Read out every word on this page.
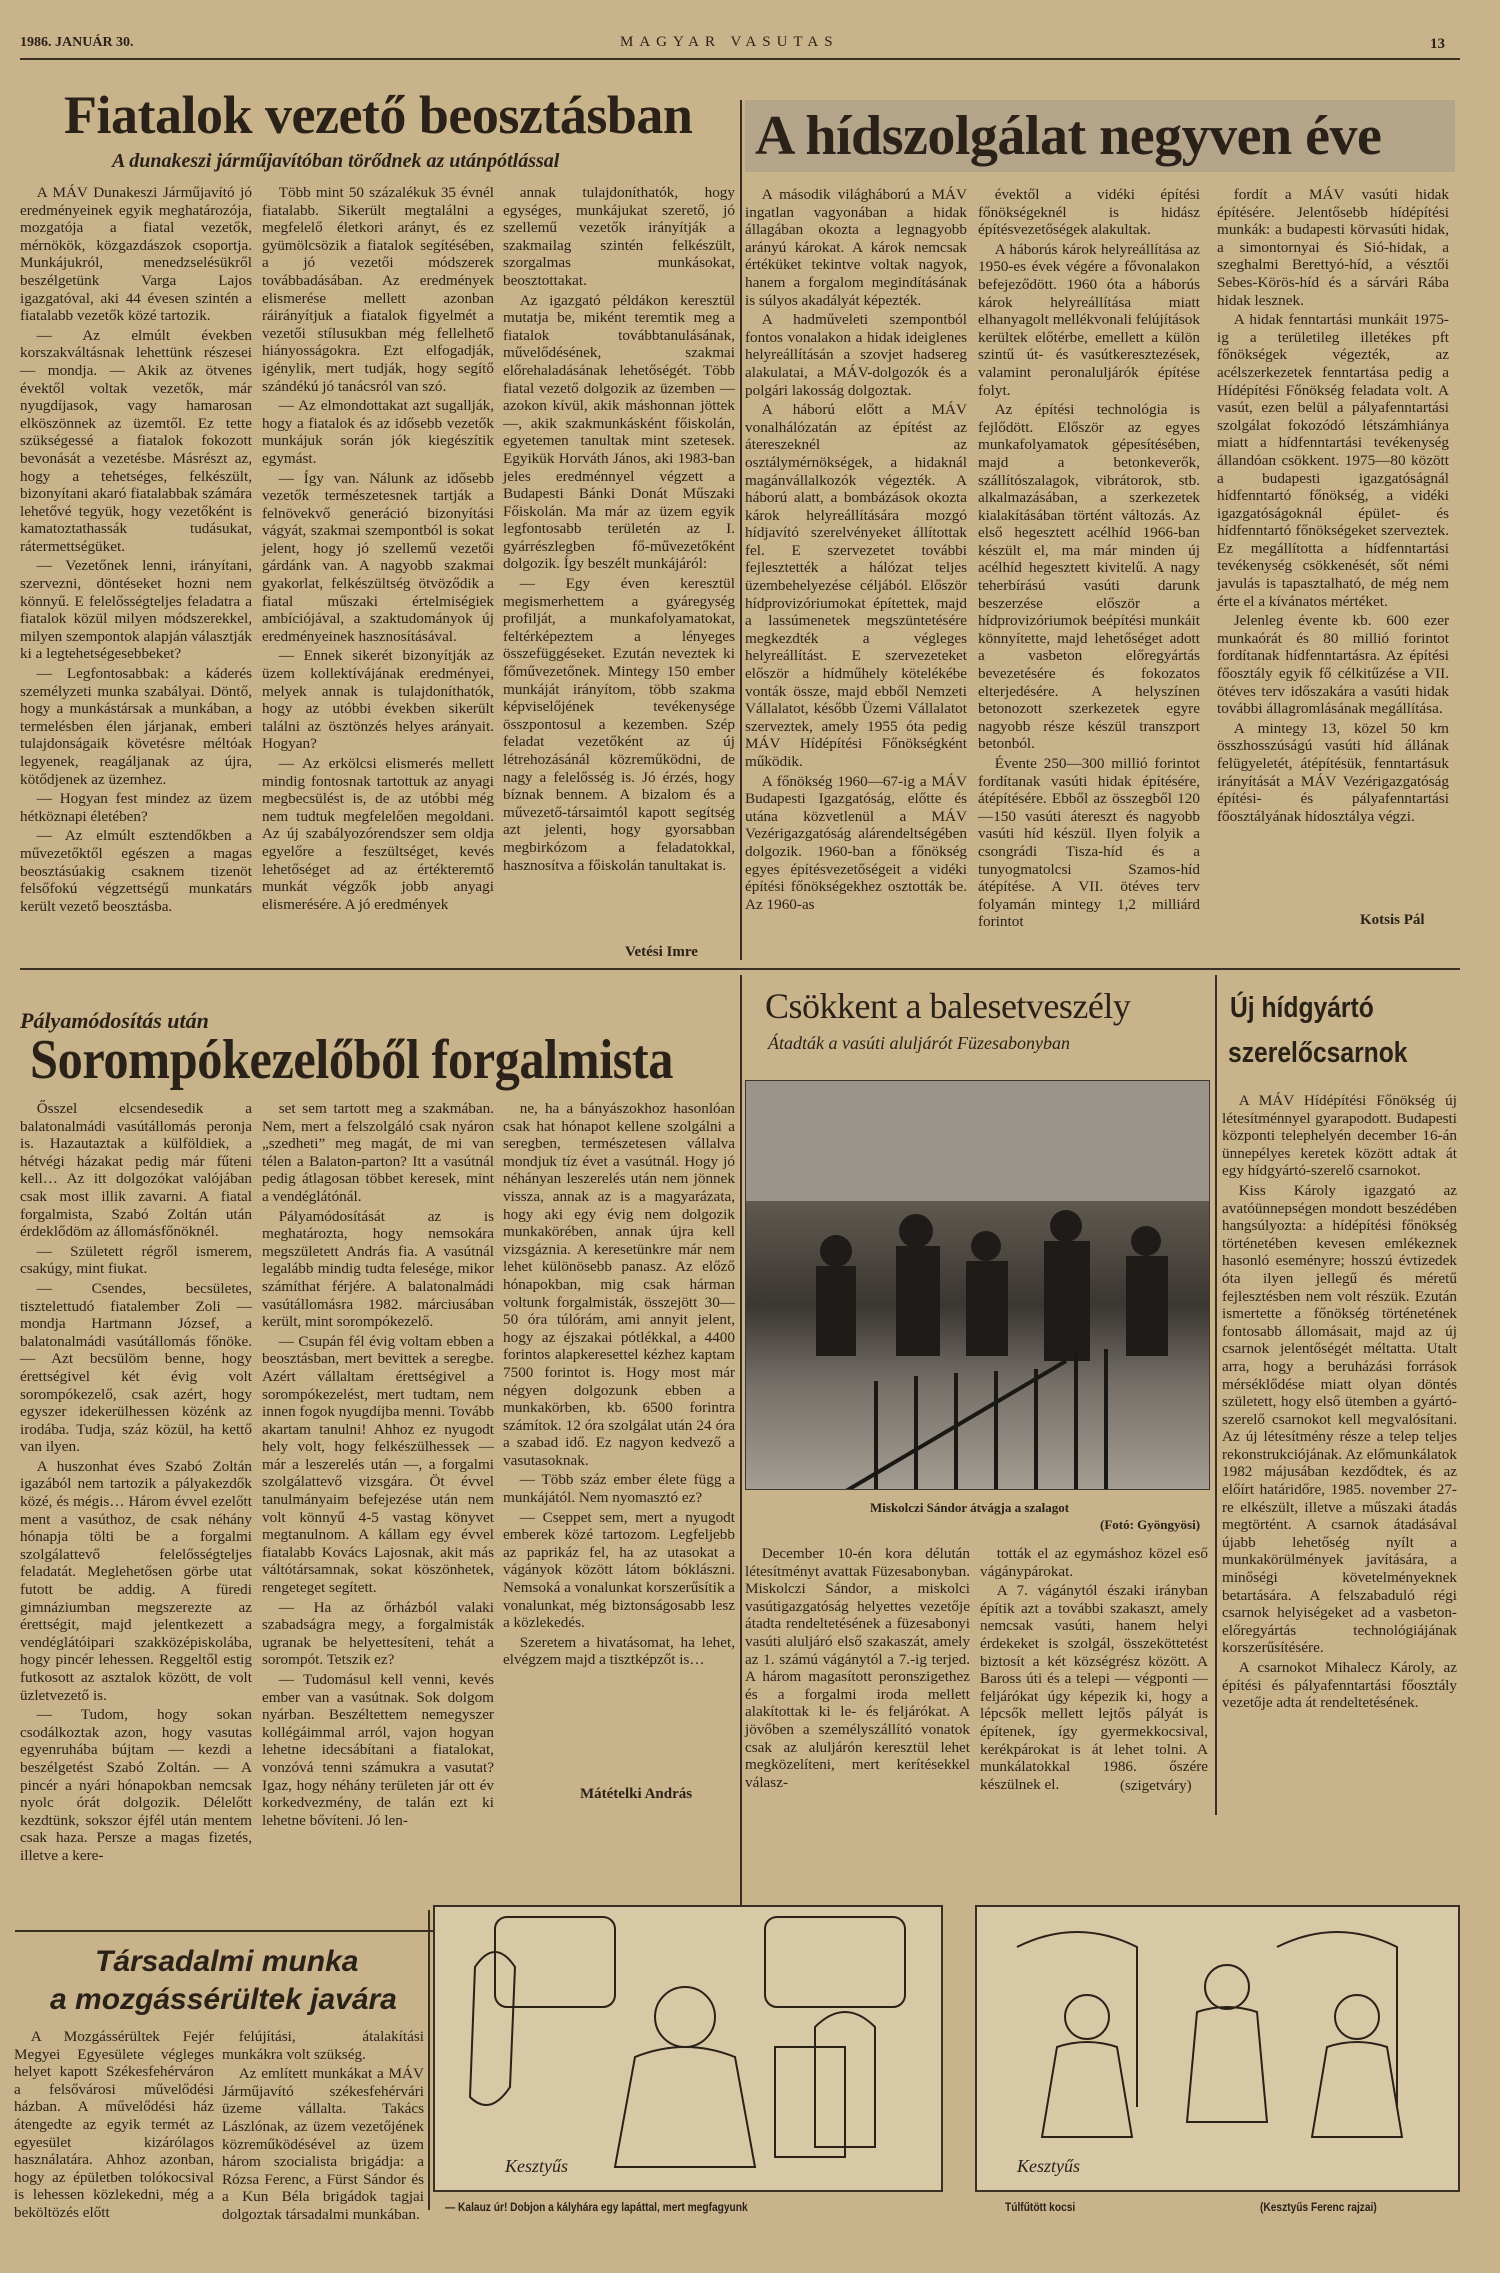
1986. JANUÁR 30.	MAGYAR VASUTAS	13
Fiatalok vezető beosztásban
A dunakeszi járműjavítóban törődnek az utánpótlással

A MÁV Dunakeszi Járműjavító jó eredményeinek egyik meghatározója, mozgatója a fiatal vezetők, mérnökök, közgazdászok csoportja. Munkájukról, menedzselésükről beszélgetünk Varga Lajos igazgatóval, aki 44 évesen szintén a fiatalabb vezetők közé tartozik.

— Az elmúlt években korszakváltásnak lehettünk részesei — mondja. — Akik az ötvenes évektől voltak vezetők, már nyugdíjasok, vagy hamarosan elköszönnek az üzemtől. Ez tette szükségessé a fiatalok fokozott bevonását a vezetésbe. Másrészt az, hogy a tehetséges, felkészült, bizonyítani akaró fiatalabbak számára lehetővé tegyük, hogy vezetőként is kamatoztathassák tudásukat, rátermettségüket.

— Vezetőnek lenni, irányítani, szervezni, döntéseket hozni nem könnyű. E felelősségteljes feladatra a fiatalok közül milyen módszerekkel, milyen szempontok alapján választják ki a legtehetségesebbeket?

— Legfontosabbak: a káderés személyzeti munka szabályai. Döntő, hogy a munkástársak a munkában, a termelésben élen járjanak, emberi tulajdonságaik követésre méltóak legyenek, reagáljanak az újra, kötődjenek az üzemhez.

— Hogyan fest mindez az üzem hétköznapi életében?

— Az elmúlt esztendőkben a művezetőktől egészen a magas beosztásúakig csaknem tizenöt felsőfokú végzettségű munkatárs került vezető beosztásba.

Több mint 50 százalékuk 35 évnél fiatalabb. Sikerült megtalálni a megfelelő életkori arányt, és ez gyümölcsözik a fiatalok segítésében, a jó vezetői módszerek továbbadásában. Az eredmények elismerése mellett azonban ráirányítjuk a fiatalok figyelmét a vezetői stílusukban még fellelhető hiányosságokra. Ezt elfogadják, igénylik, mert tudják, hogy segítő szándékú jó tanácsról van szó.

— Az elmondottakat azt sugallják, hogy a fiatalok és az idősebb vezetők munkájuk során jók kiegészítik egymást.

— Így van. Nálunk az idősebb vezetők természetesnek tartják a felnövekvő generáció bizonyítási vágyát, szakmai szempontból is sokat jelent, hogy jó szellemű vezetői gárdánk van. A nagyobb szakmai gyakorlat, felkészültség ötvöződik a fiatal műszaki értelmiségiek ambíciójával, a szaktudományok új eredményeinek hasznosításával.

— Ennek sikerét bizonyítják az üzem kollektívájának eredményei, melyek annak is tulajdoníthatók, hogy az utóbbi években sikerült találni az ösztönzés helyes arányait. Hogyan?

— Az erkölcsi elismerés mellett mindig fontosnak tartottuk az anyagi megbecsülést is, de az utóbbi még nem tudtuk megfelelően megoldani. Az új szabályozórendszer sem oldja egyelőre a feszültséget, kevés lehetőséget ad az értékteremtő munkát végzők jobb anyagi elismerésére. A jó eredmények

annak tulajdoníthatók, hogy egységes, munkájukat szerető, jó szellemű vezetők irányítják a szakmailag szintén felkészült, szorgalmas munkásokat, beosztottakat.

Az igazgató példákon keresztül mutatja be, miként teremtik meg a fiatalok továbbtanulásának, művelődésének, szakmai előrehaladásának lehetőségét. Több fiatal vezető dolgozik az üzemben — azokon kívül, akik máshonnan jöttek —, akik szakmunkásként főiskolán, egyetemen tanultak mint szetesek. Egyikük Horváth János, aki 1983-ban jeles eredménnyel végzett a Budapesti Bánki Donát Műszaki Főiskolán. Ma már az üzem egyik legfontosabb területén az I. gyárrészlegben fő-művezetőként dolgozik. Így beszélt munkájáról:

— Egy éven keresztül megismerhettem a gyáregység profilját, a munkafolyamatokat, feltérképeztem a lényeges összefüggéseket. Ezután neveztek ki főművezetőnek. Mintegy 150 ember munkáját irányítom, több szakma képviselőjének tevékenysége összpontosul a kezemben. Szép feladat vezetőként az új létrehozásánál közreműködni, de nagy a felelősség is. Jó érzés, hogy bíznak bennem. A bizalom és a művezető-társaimtól kapott segítség azt jelenti, hogy gyorsabban megbirkózom a feladatokkal, hasznosítva a főiskolán tanultakat is.

Vetési Imre
A hídszolgálat negyven éve

A második világháború a MÁV ingatlan vagyonában a hidak állagában okozta a legnagyobb arányú károkat. A károk nemcsak értéküket tekintve voltak nagyok, hanem a forgalom megindításának is súlyos akadályát képezték.

A hadműveleti szempontból fontos vonalakon a hidak ideiglenes helyreállításán a szovjet hadsereg alakulatai, a MÁV-dolgozók és a polgári lakosság dolgoztak.

A háború előtt a MÁV vonalhálózatán az építést az átereszeknél az osztálymérnökségek, a hidaknál magánvállalkozók végezték. A háború alatt, a bombázások okozta károk helyreállítására mozgó hídjavító szerelvényeket állítottak fel. E szervezetet további fejlesztették a hálózat teljes üzembehelyezése céljából. Először hídprovizóriumokat építettek, majd a lassúmenetek megszüntetésére megkezdték a végleges helyreállítást. E szervezeteket először a hídműhely kötelékébe vonták össze, majd ebből Nemzeti Vállalatot, később Üzemi Vállalatot szerveztek, amely 1955 óta pedig MÁV Hídépítési Főnökségként működik.

A főnökség 1960—67-ig a MÁV Budapesti Igazgatóság, előtte és utána közvetlenül a MÁV Vezérigazgatóság alárendeltségében dolgozik. 1960-ban a főnökség egyes építésvezetőségeit a vidéki építési főnökségekhez osztották be. Az 1960-as

évektől a vidéki építési főnökségeknél is hidász építésvezetőségek alakultak.

A háborús károk helyreállítása az 1950-es évek végére a fővonalakon befejeződött. 1960 óta a háborús károk helyreállítása miatt elhanyagolt mellékvonali felújítások kerültek előtérbe, emellett a külön szintű út- és vasútkeresztezések, valamint peronaluljárók építése folyt.

Az építési technológia is fejlődött. Először az egyes munkafolyamatok gépesítésében, majd a betonkeverők, szállítószalagok, vibrátorok, stb. alkalmazásában, a szerkezetek kialakításában történt változás. Az első hegesztett acélhíd 1966-ban készült el, ma már minden új acélhíd hegesztett kivitelű. A nagy teherbírású vasúti darunk beszerzése először a hídprovizóriumok beépítési munkáit könnyítette, majd lehetőséget adott a vasbeton előregyártás bevezetésére és fokozatos elterjedésére. A helyszínen betonozott szerkezetek egyre nagyobb része készül transzport betonból.

Évente 250—300 millió forintot fordítanak vasúti hidak építésére, átépítésére. Ebből az összegből 120—150 vasúti átereszt és nagyobb vasúti híd készül. Ilyen folyik a csongrádi Tisza-híd és a tunyogmatolcsi Szamos-híd átépítése. A VII. ötéves terv folyamán mintegy 1,2 milliárd forintot

fordít a MÁV vasúti hidak építésére. Jelentősebb hídépítési munkák: a budapesti körvasúti hidak, a simontornyai és Sió-hidak, a szeghalmi Berettyó-híd, a vésztői Sebes-Körös-híd és a sárvári Rába hidak lesznek.

A hidak fenntartási munkáit 1975-ig a területileg illetékes pft főnökségek végezték, az acélszerkezetek fenntartása pedig a Hídépítési Főnökség feladata volt. A vasút, ezen belül a pályafenntartási szolgálat fokozódó létszámhiánya miatt a hídfenntartási tevékenység állandóan csökkent. 1975—80 között a budapesti igazgatóságnál hídfenntartó főnökség, a vidéki igazgatóságoknál épület- és hídfenntartó főnökségeket szerveztek. Ez megállította a hídfenntartási tevékenység csökkenését, sőt némi javulás is tapasztalható, de még nem érte el a kívánatos mértéket.

Jelenleg évente kb. 600 ezer munkaórát és 80 millió forintot fordítanak hídfenntartásra. Az építési főosztály egyik fő célkitűzése a VII. ötéves terv időszakára a vasúti hidak további állagromlásának megállítása.

A mintegy 13, közel 50 km összhosszúságú vasúti híd állának felügyeletét, átépítésük, fenntartásuk irányítását a MÁV Vezérigazgatóság építési- és pályafenntartási főosztályának hídosztálya végzi.

Kotsis Pál
Pályamódosítás után
Sorompókezelőből forgalmista

Ősszel elcsendesedik a balatonalmádi vasútállomás peronja is. Hazautaztak a külföldiek, a hétvégi házakat pedig már fűteni kell… Az itt dolgozókat valójában csak most illik zavarni. A fiatal forgalmista, Szabó Zoltán után érdeklődöm az állomásfőnöknél.

— Született régről ismerem, csakúgy, mint fiukat.

— Csendes, becsületes, tisztelettudó fiatalember Zoli — mondja Hartmann József, a balatonalmádi vasútállomás főnöke. — Azt becsülöm benne, hogy érettségivel két évig volt sorompókezelő, csak azért, hogy egyszer idekerülhessen közénk az irodába. Tudja, száz közül, ha kettő van ilyen.

A huszonhat éves Szabó Zoltán igazából nem tartozik a pályakezdők közé, és mégis… Három évvel ezelőtt ment a vasúthoz, de csak néhány hónapja tölti be a forgalmi szolgálattevő felelősségteljes feladatát. Meglehetősen görbe utat futott be addig. A füredi gimnáziumban megszerezte az érettségit, majd jelentkezett a vendéglátóipari szakközépiskolába, hogy pincér lehessen. Reggeltől estig futkosott az asztalok között, de volt üzletvezető is.

— Tudom, hogy sokan csodálkoztak azon, hogy vasutas egyenruhába bújtam — kezdi a beszélgetést Szabó Zoltán. — A pincér a nyári hónapokban nemcsak nyolc órát dolgozik. Délelőtt kezdtünk, sokszor éjfél után mentem csak haza. Persze a magas fizetés, illetve a kere-

set sem tartott meg a szakmában. Nem, mert a felszolgáló csak nyáron „szedheti” meg magát, de mi van télen a Balaton-parton? Itt a vasútnál pedig átlagosan többet keresek, mint a vendéglátónál.

Pályamódosítását az is meghatározta, hogy nemsokára megszületett András fia. A vasútnál legalább mindig tudta felesége, mikor számíthat férjére. A balatonalmádi vasútállomásra 1982. márciusában került, mint sorompókezelő.

— Csupán fél évig voltam ebben a beosztásban, mert bevittek a seregbe. Azért vállaltam érettségivel a sorompókezelést, mert tudtam, nem innen fogok nyugdíjba menni. Tovább akartam tanulni! Ahhoz ez nyugodt hely volt, hogy felkészülhessek — már a leszerelés után —, a forgalmi szolgálattevő vizsgára. Öt évvel tanulmányaim befejezése után nem volt könnyű 4-5 vastag könyvet megtanulnom. A kállam egy évvel fiatalabb Kovács Lajosnak, akit más váltótársamnak, sokat köszönhetek, rengeteget segített.

— Ha az őrházból valaki szabadságra megy, a forgalmisták ugranak be helyettesíteni, tehát a sorompót. Tetszik ez?

— Tudomásul kell venni, kevés ember van a vasútnak. Sok dolgom nyárban. Beszéltettem nemegyszer kollégáimmal arról, vajon hogyan lehetne idecsábítani a fiatalokat, vonzóvá tenni számukra a vasutat? Igaz, hogy néhány területen jár ott év korkedvezmény, de talán ezt ki lehetne bővíteni. Jó len-

ne, ha a bányászokhoz hasonlóan csak hat hónapot kellene szolgálni a seregben, természetesen vállalva mondjuk tíz évet a vasútnál. Hogy jó néhányan leszerelés után nem jönnek vissza, annak az is a magyarázata, hogy aki egy évig nem dolgozik munkakörében, annak újra kell vizsgáznia. A keresetünkre már nem lehet különösebb panasz. Az előző hónapokban, mig csak hárman voltunk forgalmisták, összejött 30—50 óra túlórám, ami annyit jelent, hogy az éjszakai pótlékkal, a 4400 forintos alapkeresettel kézhez kaptam 7500 forintot is. Hogy most már négyen dolgozunk ebben a munkakörben, kb. 6500 forintra számítok. 12 óra szolgálat után 24 óra a szabad idő. Ez nagyon kedvező a vasutasoknak.

— Több száz ember élete függ a munkájától. Nem nyomasztó ez?

— Cseppet sem, mert a nyugodt emberek közé tartozom. Legfeljebb az paprikáz fel, ha az utasokat a vágányok között látom bóklászni. Nemsoká a vonalunkat korszerűsítik a vonalunkat, még biztonságosabb lesz a közlekedés.

Szeretem a hivatásomat, ha lehet, elvégzem majd a tisztképzőt is…

Mátételki András
Csökkent a balesetveszély
Átadták a vasúti aluljárót Füzesabonyban
Miskolczi Sándor átvágja a szalagot
(Fotó: Gyöngyösi)

December 10-én kora délután létesítményt avattak Füzesabonyban. Miskolczi Sándor, a miskolci vasútigazgatóság helyettes vezetője átadta rendeltetésének a füzesabonyi vasúti aluljáró első szakaszát, amely az 1. számú vágánytól a 7.-ig terjed. A három magasított peronszigethez és a forgalmi iroda mellett alakítottak ki le- és feljárókat. A jövőben a személyszállító vonatok csak az aluljárón keresztül lehet megközelíteni, mert kerítésekkel válasz-

tották el az egymáshoz közel eső vágánypárokat.

A 7. vágánytól északi irányban építik azt a további szakaszt, amely nemcsak vasúti, hanem helyi érdekeket is szolgál, összeköttetést biztosít a két községrész között. A Baross úti és a telepi — végponti — feljárókat úgy képezik ki, hogy a lépcsők mellett lejtős pályát is építenek, így gyermekkocsival, kerékpárokat is át lehet tolni. A munkálatokkal 1986. őszére készülnek el.	(szigetváry)
Új hídgyártó
szerelőcsarnok

A MÁV Hídépítési Főnökség új létesítménnyel gyarapodott. Budapesti központi telephelyén december 16-án ünnepélyes keretek között adtak át egy hídgyártó-szerelő csarnokot.

Kiss Károly igazgató az avatóünnepségen mondott beszédében hangsúlyozta: a hídépítési főnökség történetében kevesen emlékeznek hasonló eseményre; hosszú évtizedek óta ilyen jellegű és méretű fejlesztésben nem volt részük. Ezután ismertette a főnökség történetének fontosabb állomásait, majd az új csarnok jelentőségét méltatta. Utalt arra, hogy a beruházási források mérséklődése miatt olyan döntés született, hogy első ütemben a gyártó-szerelő csarnokot kell megvalósítani. Az új létesítmény része a telep teljes rekonstrukciójának. Az előmunkálatok 1982 májusában kezdődtek, és az előírt határidőre, 1985. november 27-re elkészült, illetve a műszaki átadás megtörtént. A csarnok átadásával újabb lehetőség nyílt a munkakörülmények javítására, a minőségi követelményeknek betartására. A felszabaduló régi csarnok helyiségeket ad a vasbeton-előregyártás technológiájának korszerűsítésére.

A csarnokot Mihalecz Károly, az építési és pályafenntartási főosztály vezetője adta át rendeltetésének.

Társadalmi munka
a mozgássérültek javára

A Mozgássérültek Fejér Megyei Egyesülete végleges helyet kapott Székesfehérváron a felsővárosi művelődési házban. A művelődési ház átengedte az egyik termét az egyesület kizárólagos használatára. Ahhoz azonban, hogy az épületben tolókocsival is lehessen közlekedni, még a beköltözés előtt

felújítási, átalakítási munkákra volt szükség.

Az említett munkákat a MÁV Járműjavító székesfehérvári üzeme vállalta. Takács Lászlónak, az üzem vezetőjének közreműködésével az üzem három szocialista brigádja: a Rózsa Ferenc, a Fürst Sándor és a Kun Béla brigádok tagjai dolgoztak társadalmi munkában.

Kesztyűs	Kesztyűs
— Kalauz úr! Dobjon a kályhára egy lapáttal, mert megfagyunk	Túlfűtött kocsi	(Kesztyűs Ferenc rajzai)
